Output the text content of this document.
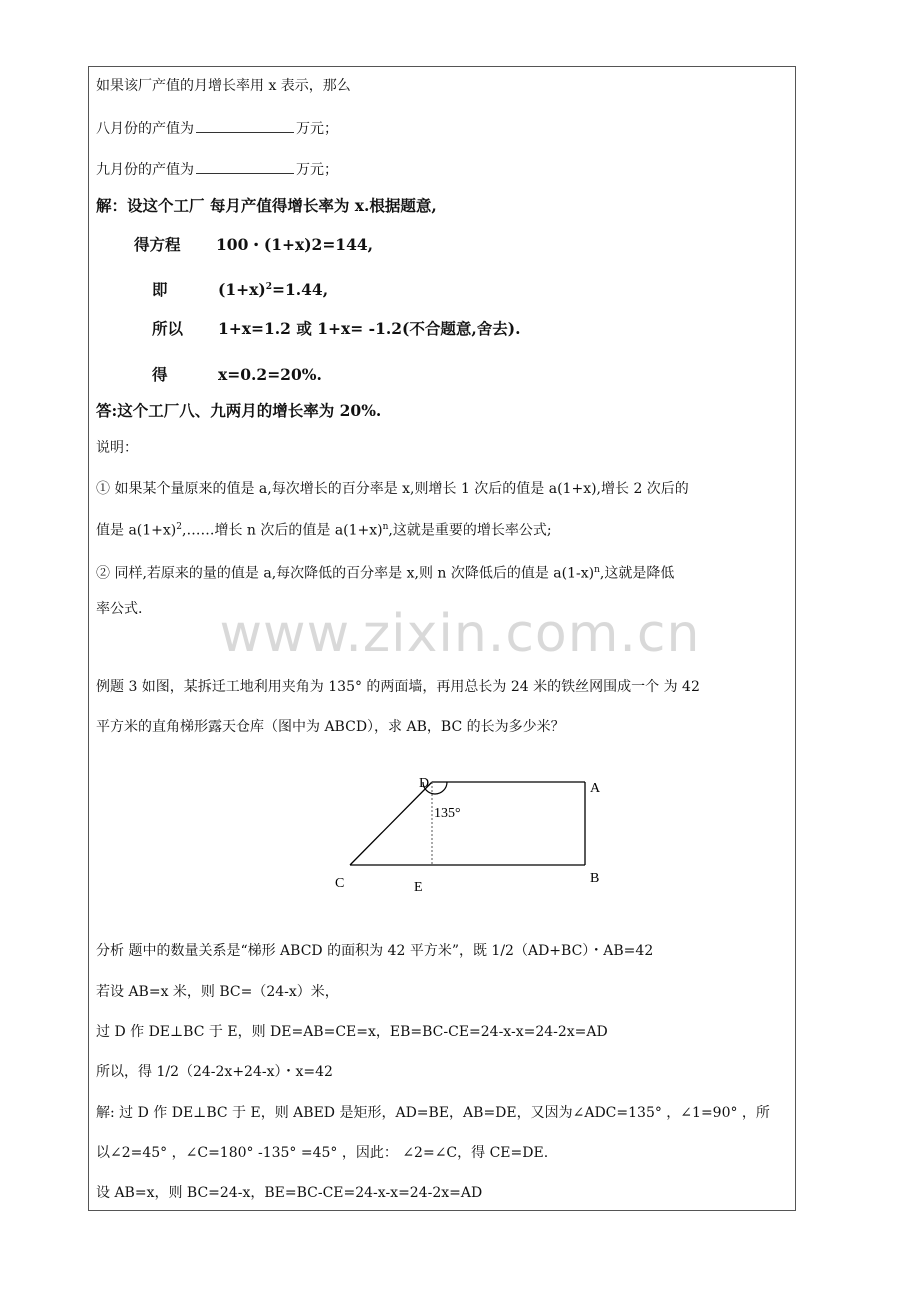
如果该厂产值的月增长率用 x 表示，那么
八月份的产值为	万元；
九月份的产值为	万元；
解：设这个工厂 每月产值得增长率为 x.根据题意,
得方程 100・(1+x)2=144,
即	$(1+x)^2=1.44$,
所以 1+x=1.2 或 1+x= -1.2(不合题意,舍去).
得	x=0.2=20%.
答:这个工厂八、九两月的增长率为 20%.
说明：
① 如果某个量原来的值是 a,每次增长的百分率是 x,则增长 1 次后的值是 a(1+x),增长 2 次后的
值是 $a(1+x)^2,\dots\dots$增长 n 次后的值是 $a(1+x)^n$,这就是重要的增长率公式;
② 同样,若原来的量的值是 a,每次降低的百分率是 x,则 n 次降低后的值是 $a(1-x)^n$,这就是降低
率公式.	www.zixin.com.cn
例题 3 如图，某拆迁工地利用夹角为 135° 的两面墙，再用总长为 24 米的铁丝网围成一个 为 42
平方米的直角梯形露天仓库（图中为 ABCD），求 AB，BC 的长为多少米？
D	A
B
C	E
135°
分析 题中的数量关系是“梯形 ABCD 的面积为 42 平方米”，既 1/2（AD+BC）・AB=42
若设 AB=x 米，则 BC=（24-x）米，
过 D 作 DE⊥BC 于 E，则 DE=AB=CE=x，EB=BC-CE=24-x-x=24-2x=AD
所以，得 1/2（24-2x+24-x）・x=42
解: 过 D 作 DE⊥BC 于 E，则 ABED 是矩形，AD=BE，AB=DE，又因为∠ADC=135° ，∠1=90° ，所
以∠2=45° ，∠C=180° -135° =45° ，因此： ∠2=∠C，得 CE=DE.
设 AB=x，则 BC=24-x，BE=BC-CE=24-x-x=24-2x=AD
